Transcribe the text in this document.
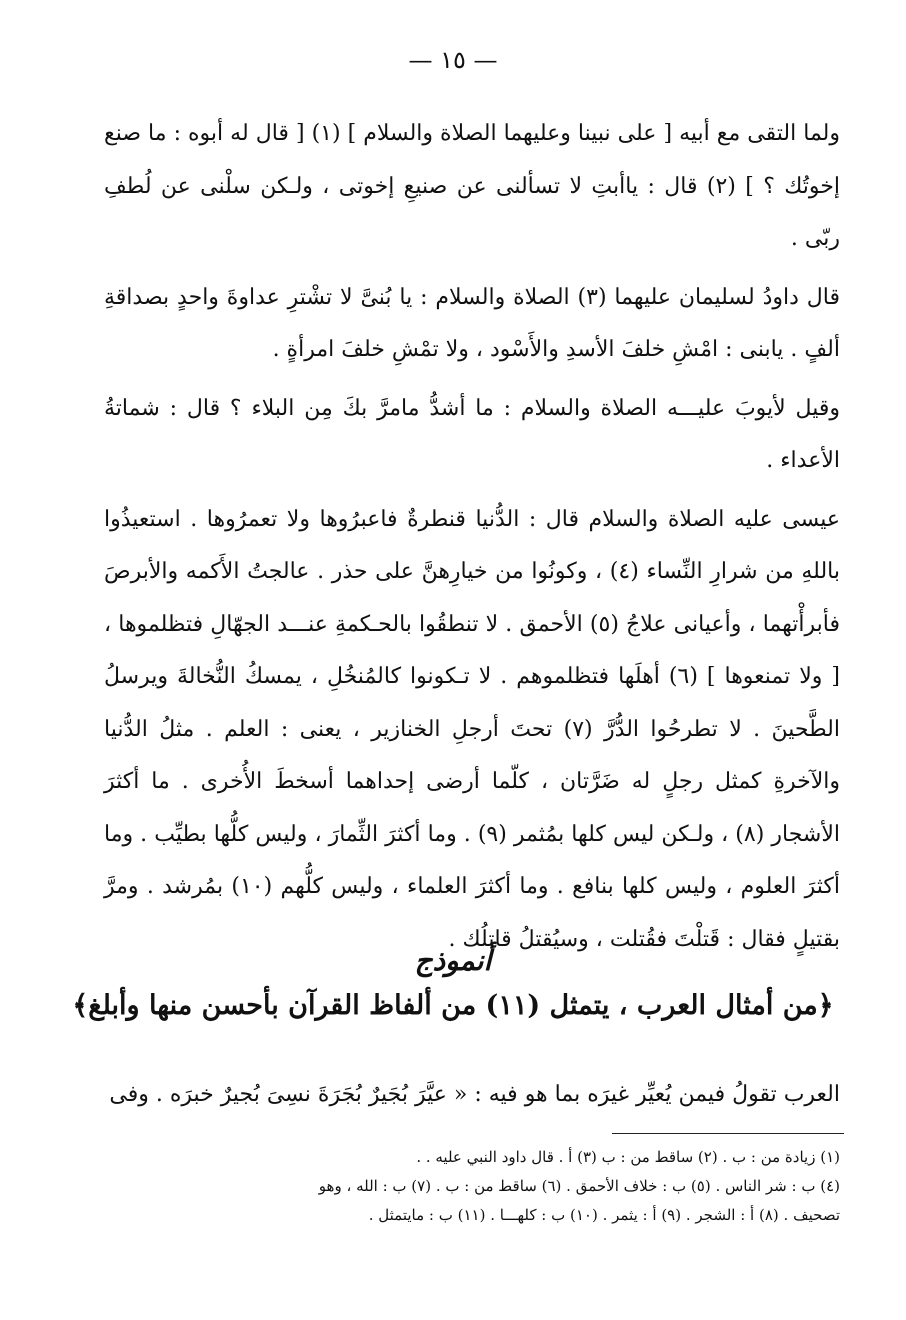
— ١٥ —

ولما التقى مع أبيه [ على نبينا وعليهما الصلاة والسلام ] (١) [ قال له أبوه : ما صنع إخوتُك ؟ ] (٢) قال : ياأبتِ لا تسألنى عن صنيعِ إخوتى ، ولـكن سلْنى عن لُطفِ ربّى .

قال داودُ لسليمان عليهما (٣) الصلاة والسلام : يا بُنىَّ لا تشْترِ عداوةَ واحدٍ بصداقةِ ألفٍ . يابنى : امْشِ خلفَ الأسدِ والأَسْود ، ولا تمْشِ خلفَ امرأةٍ .

وقيل لأيوبَ عليـــه الصلاة والسلام : ما أشدُّ مامرَّ بكَ مِن البلاء ؟ قال : شماتةُ الأعداء .

عيسى عليه الصلاة والسلام قال : الدُّنيا قنطرةٌ فاعبرُوها ولا تعمرُوها . استعيذُوا باللهِ من شرارِ النِّساء (٤) ، وكونُوا من خيارِهنَّ على حذر . عالجتُ الأَكمه والأبرصَ فأبرأْتهما ، وأعيانى علاجُ (٥) الأحمق . لا تنطقُوا بالحـكمةِ عنـــد الجهّالِ فتظلموها ، [ ولا تمنعوها ] (٦) أهلَها فتظلموهم . لا تـكونوا كالمُنخُلِ ، يمسكُ النُّخالةَ ويرسلُ الطَّحينَ . لا تطرحُوا الدُّرَّ (٧) تحتَ أرجلِ الخنازير ، يعنى : العلم . مثلُ الدُّنيا والآخرةِ كمثل رجلٍ له ضَرَّتان ، كلّما أرضى إحداهما أسخطَ الأُخرى . ما أكثرَ الأشجار (٨) ، ولـكن ليس كلها بمُثمر (٩) . وما أكثرَ الثِّمارَ ، وليس كلُّها بطيِّب . وما أكثرَ العلوم ، وليس كلها بنافع . وما أكثرَ العلماء ، وليس كلُّهم (١٠) بمُرشد . ومرَّ بقتيلٍ فقال : قَتلْتَ فقُتلت ، وسيُقتلُ قاتلُك .

أنموذج
﴿من أمثال العرب ، يتمثل (١١) من ألفاظ القرآن بأحسن منها وأبلغ﴾
العرب تقولُ فيمن يُعيِّر غيرَه بما هو فيه : « عيَّرَ بُجَيرٌ بُجَرَةَ نسِىَ بُجيرٌ خبرَه . وفى
(١) زيادة من : ب . (٢) ساقط من : ب (٣) أ . قال داود النبي عليه . .
(٤) ب : شر الناس . (٥) ب : خلاف الأحمق . (٦) ساقط من : ب . (٧) ب : الله ، وهو
تصحيف . (٨) أ : الشجر . (٩) أ : يثمر . (١٠) ب : كلهـــا . (١١) ب : مايتمثل .
